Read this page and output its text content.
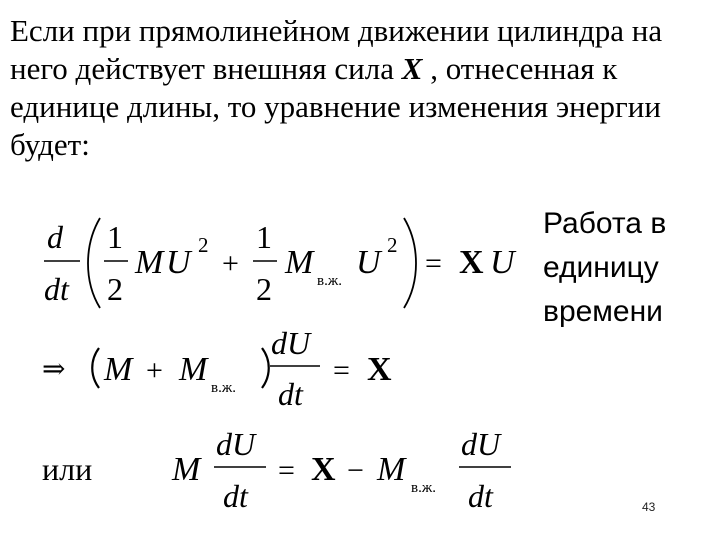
Если при прямолинейном движении цилиндра на него действует внешняя сила X , отнесенная к единице длины, то уравнение изменения энергии будет:

Работа в
единицу
времени
d
dt
1
2
M U 2
+
1
2
M в.ж. U 2
= X U
⇒ M + M в.ж.
dU
dt
= X
или M
dU
dt
= X − M в.ж.
dU
dt	43
